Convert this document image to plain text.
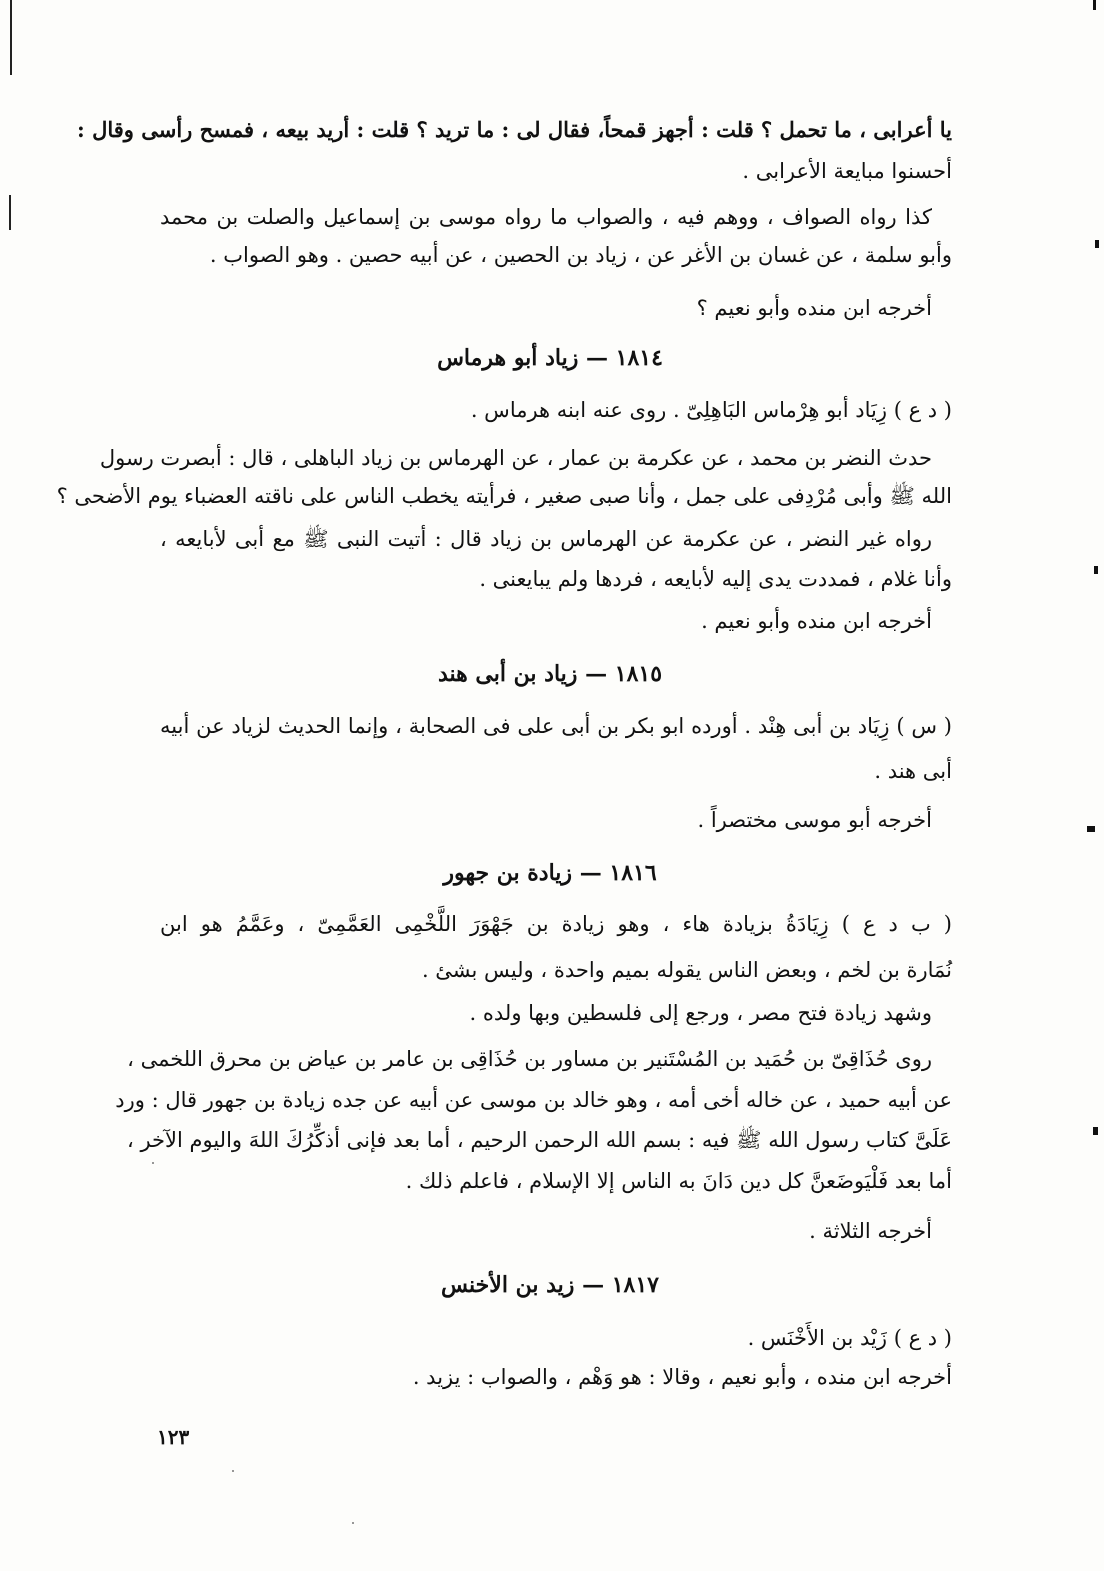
يا أعرابى ، ما تحمل ؟ قلت : أجهز قمحاً، فقال لى : ما تريد ؟ قلت : أريد بيعه ، فمسح رأسى وقال :
أحسنوا مبايعة الأعرابى .
كذا رواه الصواف ، ووهم فيه ، والصواب ما رواه موسى بن إسماعيل والصلت بن محمد
وأبو سلمة ، عن غسان بن الأغر عن ، زياد بن الحصين ، عن أبيه حصين . وهو الصواب .
أخرجه ابن منده وأبو نعيم ؟
١٨١٤ — زياد أبو هرماس
( د ع ) زِيَاد أبو هِرْماس البَاهِلِىّ . روى عنه ابنه هرماس .
حدث النضر بن محمد ، عن عكرمة بن عمار ، عن الهرماس بن زياد الباهلى ، قال : أبصرت رسول
الله ﷺ وأبى مُرْدِفى على جمل ، وأنا صبى صغير ، فرأيته يخطب الناس على ناقته العضباء يوم الأضحى ؟
رواه غير النضر ، عن عكرمة عن الهرماس بن زياد قال : أتيت النبى ﷺ مع أبى لأبايعه ،
وأنا غلام ، فمددت يدى إليه لأبايعه ، فردها ولم يبايعنى .
أخرجه ابن منده وأبو نعيم .
١٨١٥ — زياد بن أبى هند
( س ) زِيَاد بن أبى هِنْد . أورده ابو بكر بن أبى على فى الصحابة ، وإنما الحديث لزياد عن أبيه
أبى هند .
أخرجه أبو موسى مختصراً .
١٨١٦ — زيادة بن جهور
( ب د ع ) زِيَادَةُ بزيادة هاء ، وهو زيادة بن جَهْوَرَ اللَّخْمِى العَمَّمِىّ ، وعَمَّمُ هو ابن
نُمَارة بن لخم ، وبعض الناس يقوله بميم واحدة ، وليس بشئ .
وشهد زيادة فتح مصر ، ورجع إلى فلسطين وبها ولده .
روى حُذَاقِىّ بن حُمَيد بن المُسْتَنير بن مساور بن حُذَاقِى بن عامر بن عياض بن محرق اللخمى ،
عن أبيه حميد ، عن خاله أخى أمه ، وهو خالد بن موسى عن أبيه عن جده زيادة بن جهور قال : ورد
عَلَىَّ كتاب رسول الله ﷺ فيه : بسم الله الرحمن الرحيم ، أما بعد فإنى أذكِّرُكَ اللهَ واليوم الآخر ،
أما بعد فَلْيَوضَعنَّ كل دين دَانَ به الناس إلا الإسلام ، فاعلم ذلك .
أخرجه الثلاثة .
١٨١٧ — زيد بن الأخنس
( د ع ) زَيْد بن الأَخْنَس .
أخرجه ابن منده ، وأبو نعيم ، وقالا : هو وَهْم ، والصواب : يزيد .
١٢٣
